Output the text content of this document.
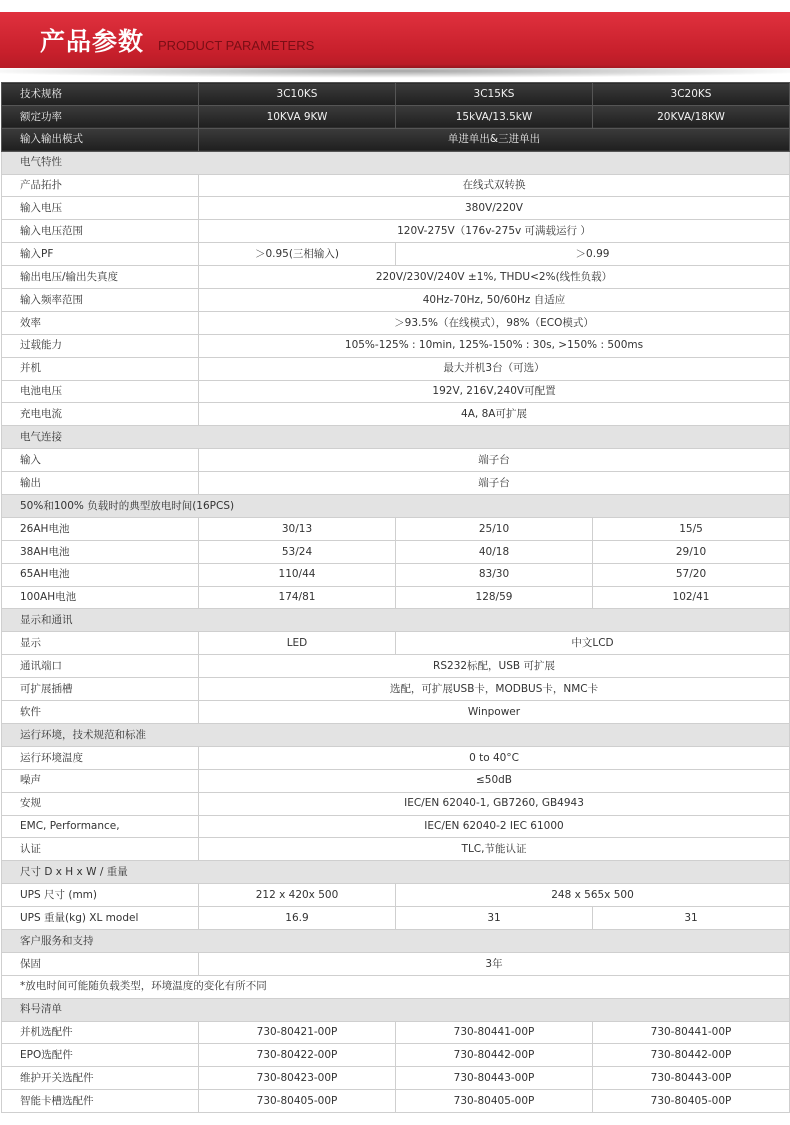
产品参数 PRODUCT PARAMETERS
技术规格	3C10KS	3C15KS	3C20KS
额定功率	10KVA 9KW	15kVA/13.5kW	20KVA/18KW
输入输出模式	单进单出&三进单出		
电气特性			
产品拓扑	在线式双转换		
输入电压	380V/220V		
输入电压范围	120V-275V（176v-275v 可满载运行 ）		
输入PF	＞0.95(三相输入)	＞0.99	
输出电压/输出失真度	220V/230V/240V ±1%, THDU<2%(线性负载）		
输入频率范围	40Hz-70Hz, 50/60Hz 自适应		
效率	＞93.5%（在线模式），98%（ECO模式）		
过载能力	105%-125% : 10min, 125%-150% : 30s, >150% : 500ms		
并机	最大并机3台（可选）		
电池电压	192V, 216V,240V可配置		
充电电流	4A, 8A可扩展		
电气连接			
输入	端子台		
输出	端子台		
50%和100% 负载时的典型放电时间(16PCS)			
26AH电池	30/13	25/10	15/5
38AH电池	53/24	40/18	29/10
65AH电池	110/44	83/30	57/20
100AH电池	174/81	128/59	102/41
显示和通讯			
显示	LED	中文LCD	
通讯端口	RS232标配，USB 可扩展		
可扩展插槽	选配，可扩展USB卡，MODBUS卡，NMC卡		
软件	Winpower		
运行环境，技术规范和标准			
运行环境温度	0 to 40°C		
噪声	≤50dB		
安规	IEC/EN 62040-1, GB7260, GB4943		
EMC, Performance,	IEC/EN 62040-2 IEC 61000		
认证	TLC,节能认证		
尺寸 D x H x W / 重量			
UPS 尺寸 (mm)	212 x 420x 500	248 x 565x 500	
UPS 重量(kg) XL model	16.9	31	31
客户服务和支持			
保固	3年		
*放电时间可能随负载类型，环境温度的变化有所不同			
料号清单			
并机选配件	730-80421-00P	730-80441-00P	730-80441-00P
EPO选配件	730-80422-00P	730-80442-00P	730-80442-00P
维护开关选配件	730-80423-00P	730-80443-00P	730-80443-00P
智能卡槽选配件	730-80405-00P	730-80405-00P	730-80405-00P
